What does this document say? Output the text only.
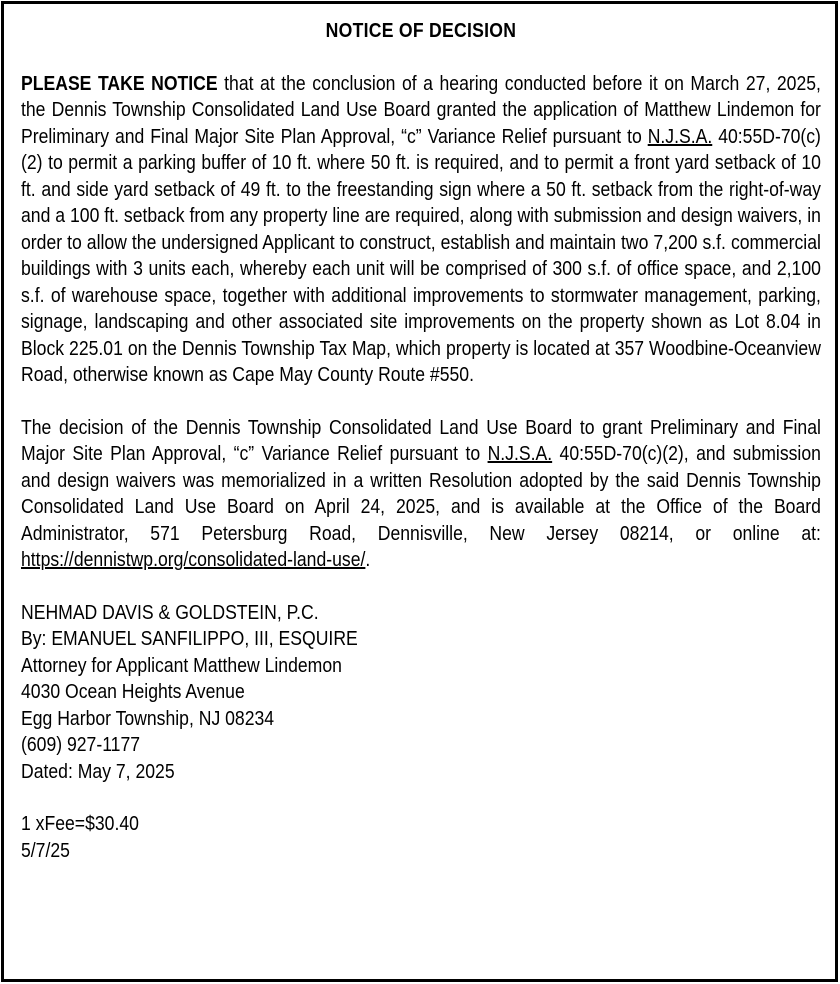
NOTICE OF DECISION

PLEASE TAKE NOTICE that at the conclusion of a hearing conducted before it on March 27, 2025, the Dennis Township Consolidated Land Use Board granted the application of Matthew Lindemon for Preliminary and Final Major Site Plan Approval, “c” Variance Relief pursuant to N.J.S.A. 40:55D-70(c)(2) to permit a parking buffer of 10 ft. where 50 ft. is required, and to permit a front yard setback of 10 ft. and side yard setback of 49 ft. to the freestanding sign where a 50 ft. setback from the right-of-way and a 100 ft. setback from any property line are required, along with submission and design waivers, in order to allow the undersigned Applicant to construct, establish and maintain two 7,200 s.f. commercial buildings with 3 units each, whereby each unit will be comprised of 300 s.f. of office space, and 2,100 s.f. of warehouse space, together with additional improvements to stormwater management, parking, signage, landscaping and other associated site improvements on the property shown as Lot 8.04 in Block 225.01 on the Dennis Township Tax Map, which property is located at 357 Woodbine-Oceanview Road, otherwise known as Cape May County Route #550.

The decision of the Dennis Township Consolidated Land Use Board to grant Preliminary and Final Major Site Plan Approval, “c” Variance Relief pursuant to N.J.S.A. 40:55D-70(c)(2), and submission and design waivers was memorialized in a written Resolution adopted by the said Dennis Township Consolidated Land Use Board on April 24, 2025, and is available at the Office of the Board Administrator, 571 Petersburg Road, Dennisville, New Jersey 08214, or online at: https://dennistwp.org/consolidated-land-use/.

NEHMAD DAVIS & GOLDSTEIN, P.C.
By: EMANUEL SANFILIPPO, III, ESQUIRE
Attorney for Applicant Matthew Lindemon
4030 Ocean Heights Avenue
Egg Harbor Township, NJ 08234
(609) 927-1177
Dated: May 7, 2025
1 xFee=$30.40
5/7/25
